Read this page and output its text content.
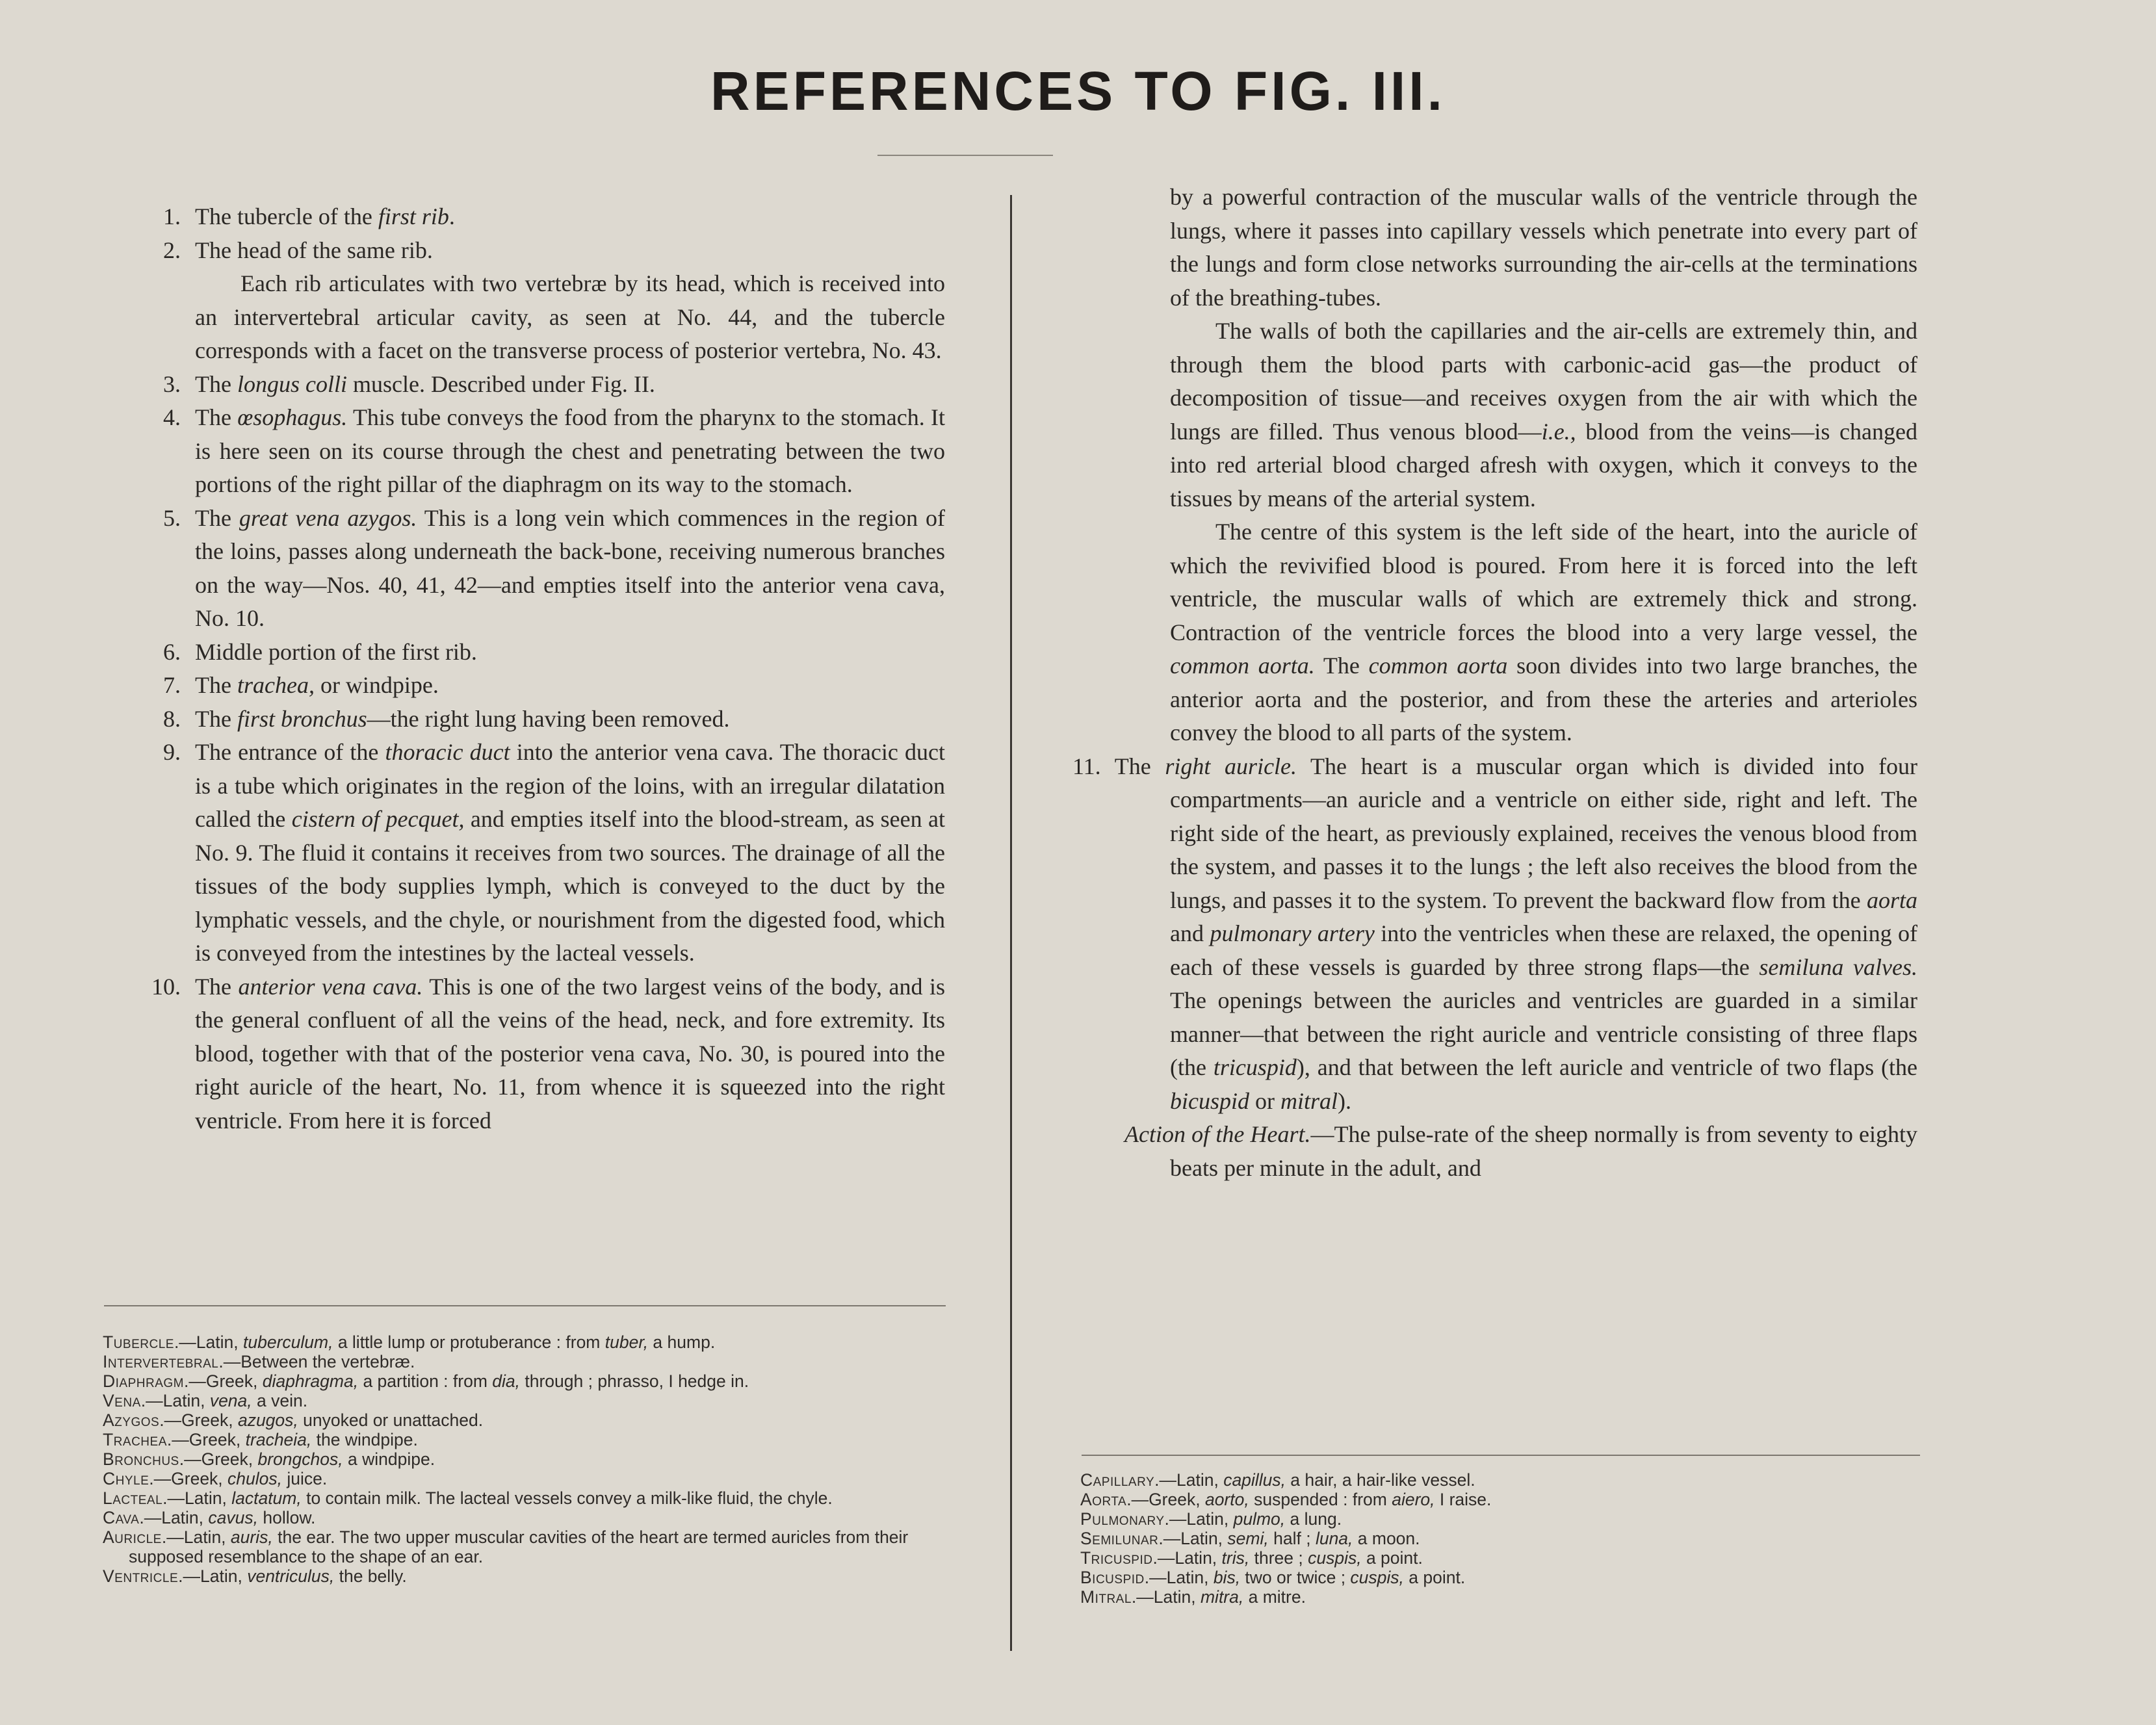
REFERENCES TO FIG. III.

1. The tubercle of the first rib.

2. The head of the same rib.

Each rib articulates with two vertebræ by its head, which is received into an intervertebral articular cavity, as seen at No. 44, and the tubercle corresponds with a facet on the transverse process of posterior vertebra, No. 43.

3. The longus colli muscle. Described under Fig. II.

4. The œsophagus. This tube conveys the food from the pharynx to the stomach. It is here seen on its course through the chest and penetrating between the two portions of the right pillar of the diaphragm on its way to the stomach.

5. The great vena azygos. This is a long vein which commences in the region of the loins, passes along underneath the back-bone, receiving numerous branches on the way—Nos. 40, 41, 42—and empties itself into the anterior vena cava, No. 10.

6. Middle portion of the first rib.

7. The trachea, or windpipe.

8. The first bronchus—the right lung having been removed.

9. The entrance of the thoracic duct into the anterior vena cava. The thoracic duct is a tube which originates in the region of the loins, with an irregular dilatation called the cistern of pecquet, and empties itself into the blood-stream, as seen at No. 9. The fluid it contains it receives from two sources. The drainage of all the tissues of the body supplies lymph, which is conveyed to the duct by the lymphatic vessels, and the chyle, or nourishment from the digested food, which is conveyed from the intestines by the lacteal vessels.

10. The anterior vena cava. This is one of the two largest veins of the body, and is the general confluent of all the veins of the head, neck, and fore extremity. Its blood, together with that of the posterior vena cava, No. 30, is poured into the right auricle of the heart, No. 11, from whence it is squeezed into the right ventricle. From here it is forced

by a powerful contraction of the muscular walls of the ventricle through the lungs, where it passes into capillary vessels which penetrate into every part of the lungs and form close networks surrounding the air-cells at the terminations of the breathing-tubes.

The walls of both the capillaries and the air-cells are extremely thin, and through them the blood parts with carbonic-acid gas—the product of decomposition of tissue—and receives oxygen from the air with which the lungs are filled. Thus venous blood—i.e., blood from the veins—is changed into red arterial blood charged afresh with oxygen, which it conveys to the tissues by means of the arterial system.

The centre of this system is the left side of the heart, into the auricle of which the revivified blood is poured. From here it is forced into the left ventricle, the muscular walls of which are extremely thick and strong. Contraction of the ventricle forces the blood into a very large vessel, the common aorta. The common aorta soon divides into two large branches, the anterior aorta and the posterior, and from these the arteries and arterioles convey the blood to all parts of the system.

11. The right auricle. The heart is a muscular organ which is divided into four compartments—an auricle and a ventricle on either side, right and left. The right side of the heart, as previously explained, receives the venous blood from the system, and passes it to the lungs ; the left also receives the blood from the lungs, and passes it to the system. To prevent the backward flow from the aorta and pulmonary artery into the ventricles when these are relaxed, the opening of each of these vessels is guarded by three strong flaps—the semiluna valves. The openings between the auricles and ventricles are guarded in a similar manner—that between the right auricle and ventricle consisting of three flaps (the tricuspid), and that between the left auricle and ventricle of two flaps (the bicuspid or mitral).

Action of the Heart.—The pulse-rate of the sheep normally is from seventy to eighty beats per minute in the adult, and

Tubercle.—Latin, tuberculum, a little lump or protuberance : from tuber, a hump.

Intervertebral.—Between the vertebræ.

Diaphragm.—Greek, diaphragma, a partition : from dia, through ; phrasso, I hedge in.

Vena.—Latin, vena, a vein.

Azygos.—Greek, azugos, unyoked or unattached.

Trachea.—Greek, tracheia, the windpipe.

Bronchus.—Greek, brongchos, a windpipe.

Chyle.—Greek, chulos, juice.

Lacteal.—Latin, lactatum, to contain milk. The lacteal vessels convey a milk-like fluid, the chyle.

Cava.—Latin, cavus, hollow.

Auricle.—Latin, auris, the ear. The two upper muscular cavities of the heart are termed auricles from their supposed resemblance to the shape of an ear.

Ventricle.—Latin, ventriculus, the belly.

Capillary.—Latin, capillus, a hair, a hair-like vessel.

Aorta.—Greek, aorto, suspended : from aiero, I raise.

Pulmonary.—Latin, pulmo, a lung.

Semilunar.—Latin, semi, half ; luna, a moon.

Tricuspid.—Latin, tris, three ; cuspis, a point.

Bicuspid.—Latin, bis, two or twice ; cuspis, a point.

Mitral.—Latin, mitra, a mitre.
